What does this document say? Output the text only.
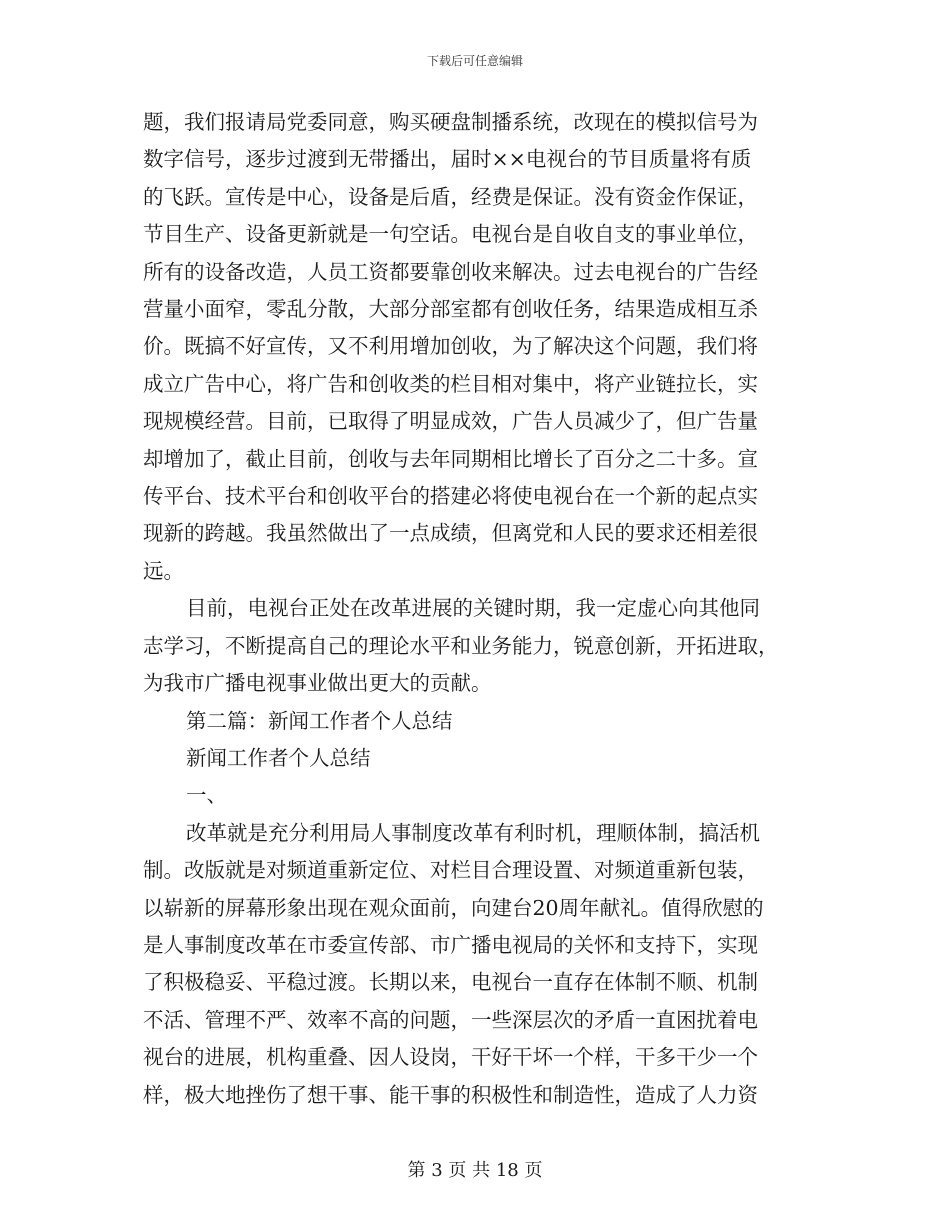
下载后可任意编辑

题，我们报请局党委同意，购买硬盘制播系统，改现在的模拟信号为

数字信号，逐步过渡到无带播出，届时××电视台的节目质量将有质

的飞跃。宣传是中心，设备是后盾，经费是保证。没有资金作保证，

节目生产、设备更新就是一句空话。电视台是自收自支的事业单位，

所有的设备改造，人员工资都要靠创收来解决。过去电视台的广告经

营量小面窄，零乱分散，大部分部室都有创收任务，结果造成相互杀

价。既搞不好宣传，又不利用增加创收，为了解决这个问题，我们将

成立广告中心，将广告和创收类的栏目相对集中，将产业链拉长，实

现规模经营。目前，已取得了明显成效，广告人员减少了，但广告量

却增加了，截止目前，创收与去年同期相比增长了百分之二十多。宣

传平台、技术平台和创收平台的搭建必将使电视台在一个新的起点实

现新的跨越。我虽然做出了一点成绩，但离党和人民的要求还相差很

远。

目前，电视台正处在改革进展的关键时期，我一定虚心向其他同

志学习，不断提高自己的理论水平和业务能力，锐意创新，开拓进取，

为我市广播电视事业做出更大的贡献。

第二篇：新闻工作者个人总结

新闻工作者个人总结

一、

改革就是充分利用局人事制度改革有利时机，理顺体制，搞活机

制。改版就是对频道重新定位、对栏目合理设置、对频道重新包装，

以崭新的屏幕形象出现在观众面前，向建台20周年献礼。值得欣慰的

是人事制度改革在市委宣传部、市广播电视局的关怀和支持下，实现

了积极稳妥、平稳过渡。长期以来，电视台一直存在体制不顺、机制

不活、管理不严、效率不高的问题，一些深层次的矛盾一直困扰着电

视台的进展，机构重叠、因人设岗，干好干坏一个样，干多干少一个

样，极大地挫伤了想干事、能干事的积极性和制造性，造成了人力资

第 3 页 共 18 页
